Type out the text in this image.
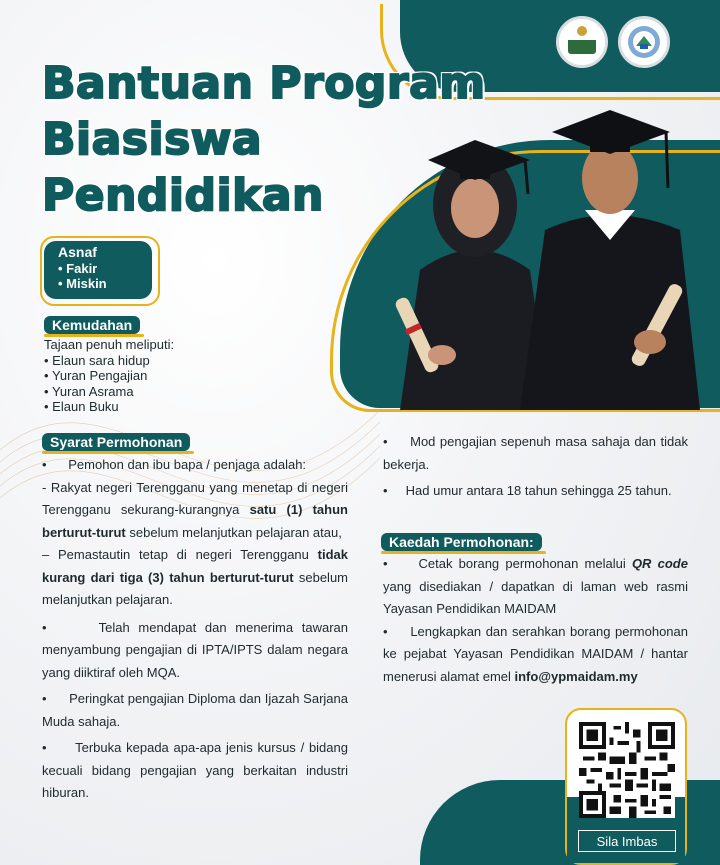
Bantuan Program
Biasiswa
Pendidikan
Asnaf
• Fakir
• Miskin
Kemudahan
Tajaan penuh meliputi:
• Elaun sara hidup
• Yuran Pengajian
• Yuran Asrama
• Elaun Buku
Syarat Permohonan

•      Pemohon dan ibu bapa / penjaga adalah:

- Rakyat negeri Terengganu yang menetap di negeri Terengganu sekurang-kurangnya satu (1) tahun berturut-turut sebelum melanjutkan pelajaran atau,

– Pemastautin tetap di negeri Terengganu tidak kurang dari tiga (3) tahun berturut-turut sebelum melanjutkan pelajaran.

•      Telah mendapat dan menerima tawaran menyambung pengajian di IPTA/IPTS dalam negara yang diiktiraf oleh MQA.

•      Peringkat pengajian Diploma dan Ijazah Sarjana Muda sahaja.

•      Terbuka kepada apa-apa jenis kursus / bidang kecuali bidang pengajian yang berkaitan industri hiburan.

•     Mod pengajian sepenuh masa sahaja dan tidak bekerja.

•     Had umur antara 18 tahun sehingga 25 tahun.

Kaedah Permohonan:

•     Cetak borang permohonan melalui QR code yang disediakan / dapatkan di laman web rasmi Yayasan Pendidikan MAIDAM

•     Lengkapkan dan serahkan borang permohonan ke pejabat Yayasan Pendidikan MAIDAM / hantar menerusi alamat emel info@ypmaidam.my

Sila Imbas
